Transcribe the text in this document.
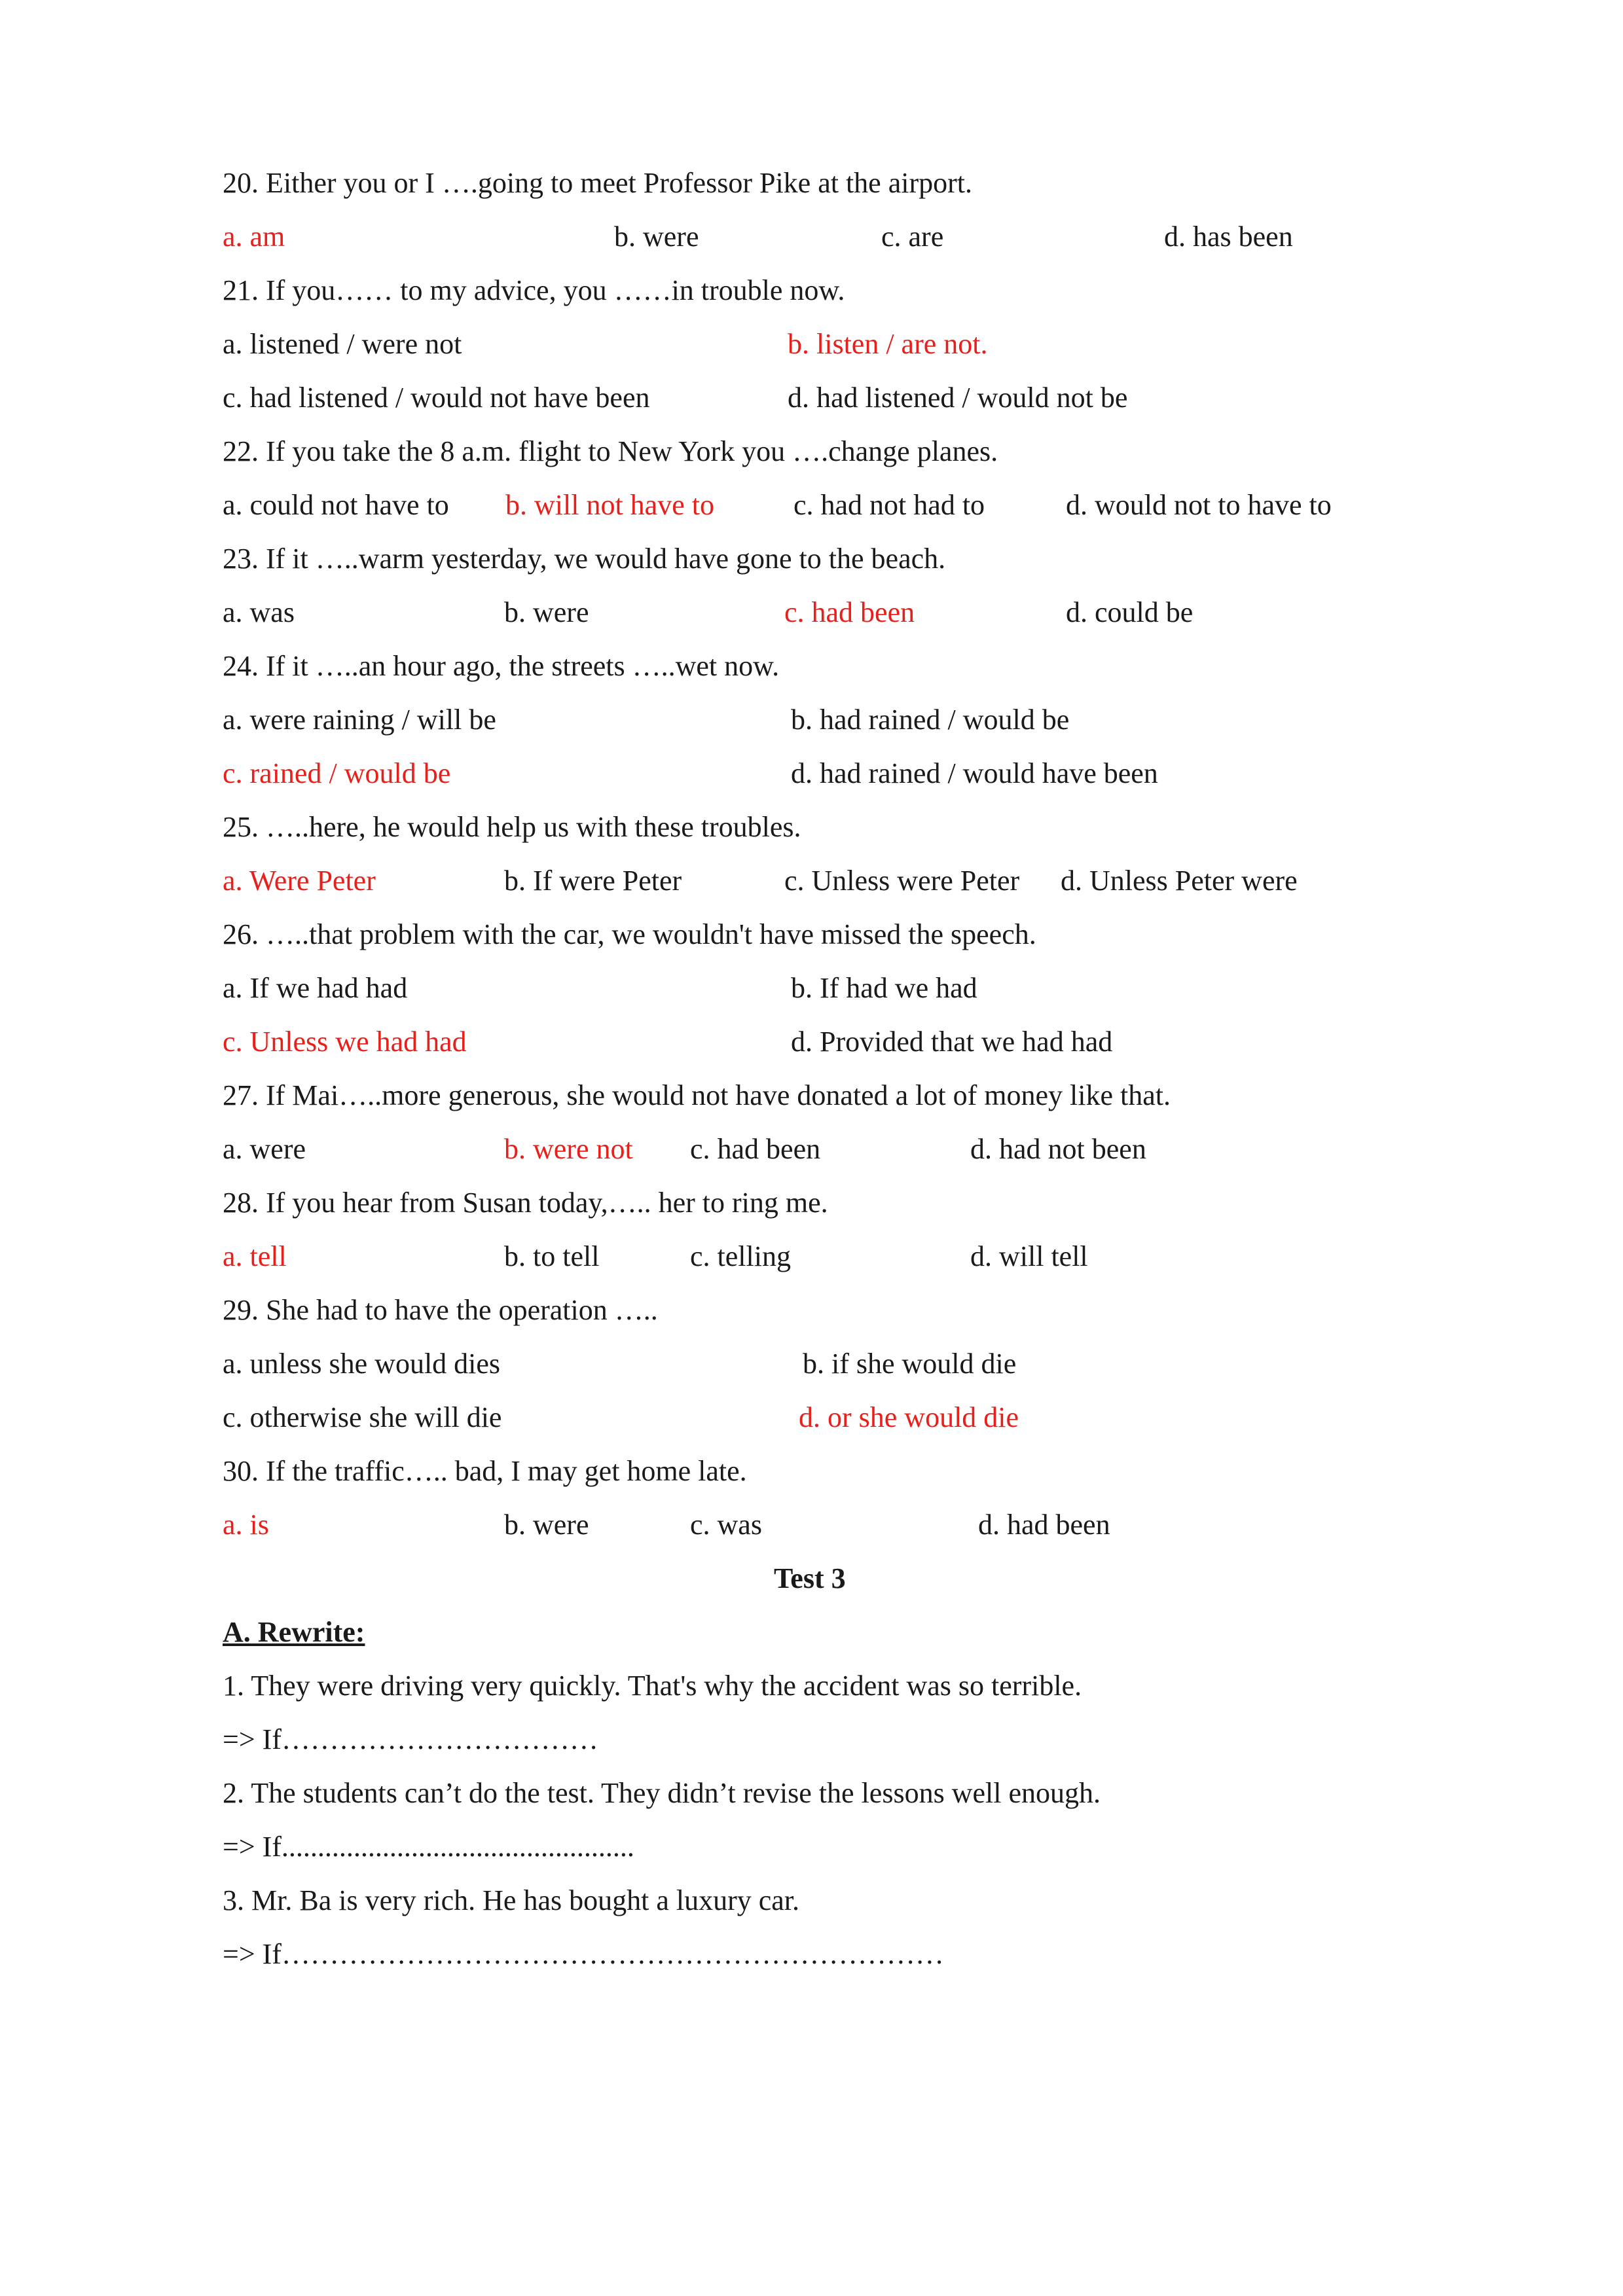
20. Either you or I ….going to meet Professor Pike at the airport.
a. am	b. were	c. are	d. has been
21. If you…… to my advice, you ……in trouble now.
a. listened / were not	b. listen / are not.
c. had listened / would not have been	d. had listened / would not be
22. If you take the 8 a.m. flight to New York you ….change planes.
a. could not have to b. will not have to	c. had not had to	d. would not to have to
23. If it …..warm yesterday, we would have gone to the beach.
a. was	b. were	c. had been	d. could be
24. If it …..an hour ago, the streets …..wet now.
a. were raining / will be	b. had rained / would be
c. rained / would be	d. had rained / would have been
25. …..here, he would help us with these troubles.
a. Were Peter	b. If were Peter	c. Unless were Peter d. Unless Peter were
26. …..that problem with the car, we wouldn't have missed the speech.
a. If we had had	b. If had we had
c. Unless we had had	d. Provided that we had had
27. If Mai…..more generous, she would not have donated a lot of money like that.
a. were	b. were not c. had been	d. had not been
28. If you hear from Susan today,….. her to ring me.
a. tell	b. to tell	c. telling	d. will tell
29. She had to have the operation …..
a. unless she would dies	b. if she would die
c. otherwise she will die	d. or she would die
30. If the traffic….. bad, I may get home late.
a. is	b. were	c. was	d. had been
Test 3
A. Rewrite:
1. They were driving very quickly. That's why the accident was so terrible.
=> If……………………………
2. The students can’t do the test. They didn’t revise the lessons well enough.
=> If.................................................
3. Mr. Ba is very rich. He has bought a luxury car.
=> If……………………………………………………………
